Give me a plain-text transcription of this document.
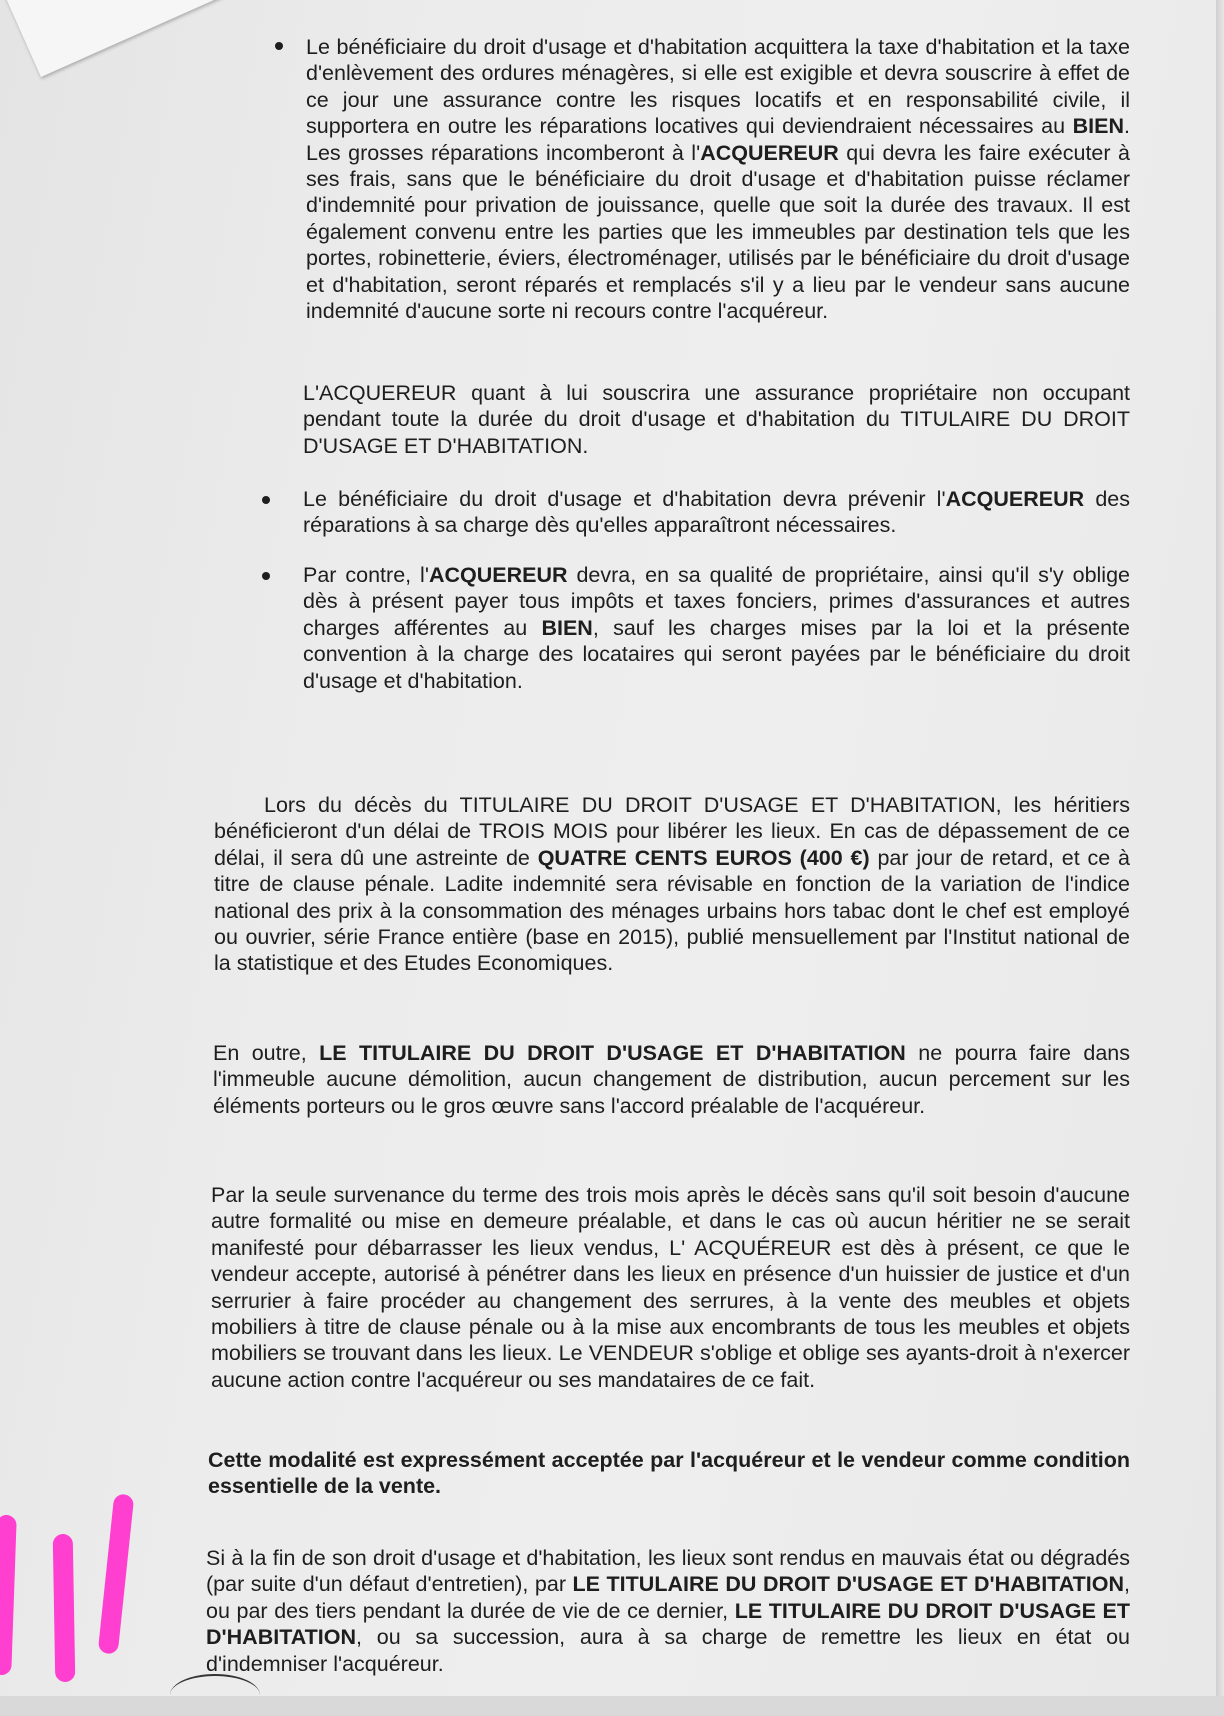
Le bénéficiaire du droit d'usage et d'habitation acquittera la taxe d'habitation et la taxe d'enlèvement des ordures ménagères, si elle est exigible et devra souscrire à effet de ce jour une assurance contre les risques locatifs et en responsabilité civile, il supportera en outre les réparations locatives qui deviendraient nécessaires au BIEN. Les grosses réparations incomberont à l'ACQUEREUR qui devra les faire exécuter à ses frais, sans que le bénéficiaire du droit d'usage et d'habitation puisse réclamer d'indemnité pour privation de jouissance, quelle que soit la durée des travaux. Il est également convenu entre les parties que les immeubles par destination tels que les portes, robinetterie, éviers, électroménager, utilisés par le bénéficiaire du droit d'usage et d'habitation, seront réparés et remplacés s'il y a lieu par le vendeur sans aucune indemnité d'aucune sorte ni recours contre l'acquéreur.
L'ACQUEREUR quant à lui souscrira une assurance propriétaire non occupant pendant toute la durée du droit d'usage et d'habitation du TITULAIRE DU DROIT D'USAGE ET D'HABITATION.
Le bénéficiaire du droit d'usage et d'habitation devra prévenir l'ACQUEREUR des réparations à sa charge dès qu'elles apparaîtront nécessaires.
Par contre, l'ACQUEREUR devra, en sa qualité de propriétaire, ainsi qu'il s'y oblige dès à présent payer tous impôts et taxes fonciers, primes d'assurances et autres charges afférentes au BIEN, sauf les charges mises par la loi et la présente convention à la charge des locataires qui seront payées par le bénéficiaire du droit d'usage et d'habitation.
Lors du décès du TITULAIRE DU DROIT D'USAGE ET D'HABITATION, les héritiers bénéficieront d'un délai de TROIS MOIS pour libérer les lieux. En cas de dépassement de ce délai, il sera dû une astreinte de QUATRE CENTS EUROS (400 €) par jour de retard, et ce à titre de clause pénale. Ladite indemnité sera révisable en fonction de la variation de l'indice national des prix à la consommation des ménages urbains hors tabac dont le chef est employé ou ouvrier, série France entière (base en 2015), publié mensuellement par l'Institut national de la statistique et des Etudes Economiques.
En outre, LE TITULAIRE DU DROIT D'USAGE ET D'HABITATION ne pourra faire dans l'immeuble aucune démolition, aucun changement de distribution, aucun percement sur les éléments porteurs ou le gros œuvre sans l'accord préalable de l'acquéreur.
Par la seule survenance du terme des trois mois après le décès sans qu'il soit besoin d'aucune autre formalité ou mise en demeure préalable, et dans le cas où aucun héritier ne se serait manifesté pour débarrasser les lieux vendus, L' ACQUÉREUR est dès à présent, ce que le vendeur accepte, autorisé à pénétrer dans les lieux en présence d'un huissier de justice et d'un serrurier à faire procéder au changement des serrures, à la vente des meubles et objets mobiliers à titre de clause pénale ou à la mise aux encombrants de tous les meubles et objets mobiliers se trouvant dans les lieux. Le VENDEUR s'oblige et oblige ses ayants-droit à n'exercer aucune action contre l'acquéreur ou ses mandataires de ce fait.
Cette modalité est expressément acceptée par l'acquéreur et le vendeur comme condition essentielle de la vente.
Si à la fin de son droit d'usage et d'habitation, les lieux sont rendus en mauvais état ou dégradés (par suite d'un défaut d'entretien), par LE TITULAIRE DU DROIT D'USAGE ET D'HABITATION, ou par des tiers pendant la durée de vie de ce dernier, LE TITULAIRE DU DROIT D'USAGE ET D'HABITATION, ou sa succession, aura à sa charge de remettre les lieux en état ou d'indemniser l'acquéreur.
